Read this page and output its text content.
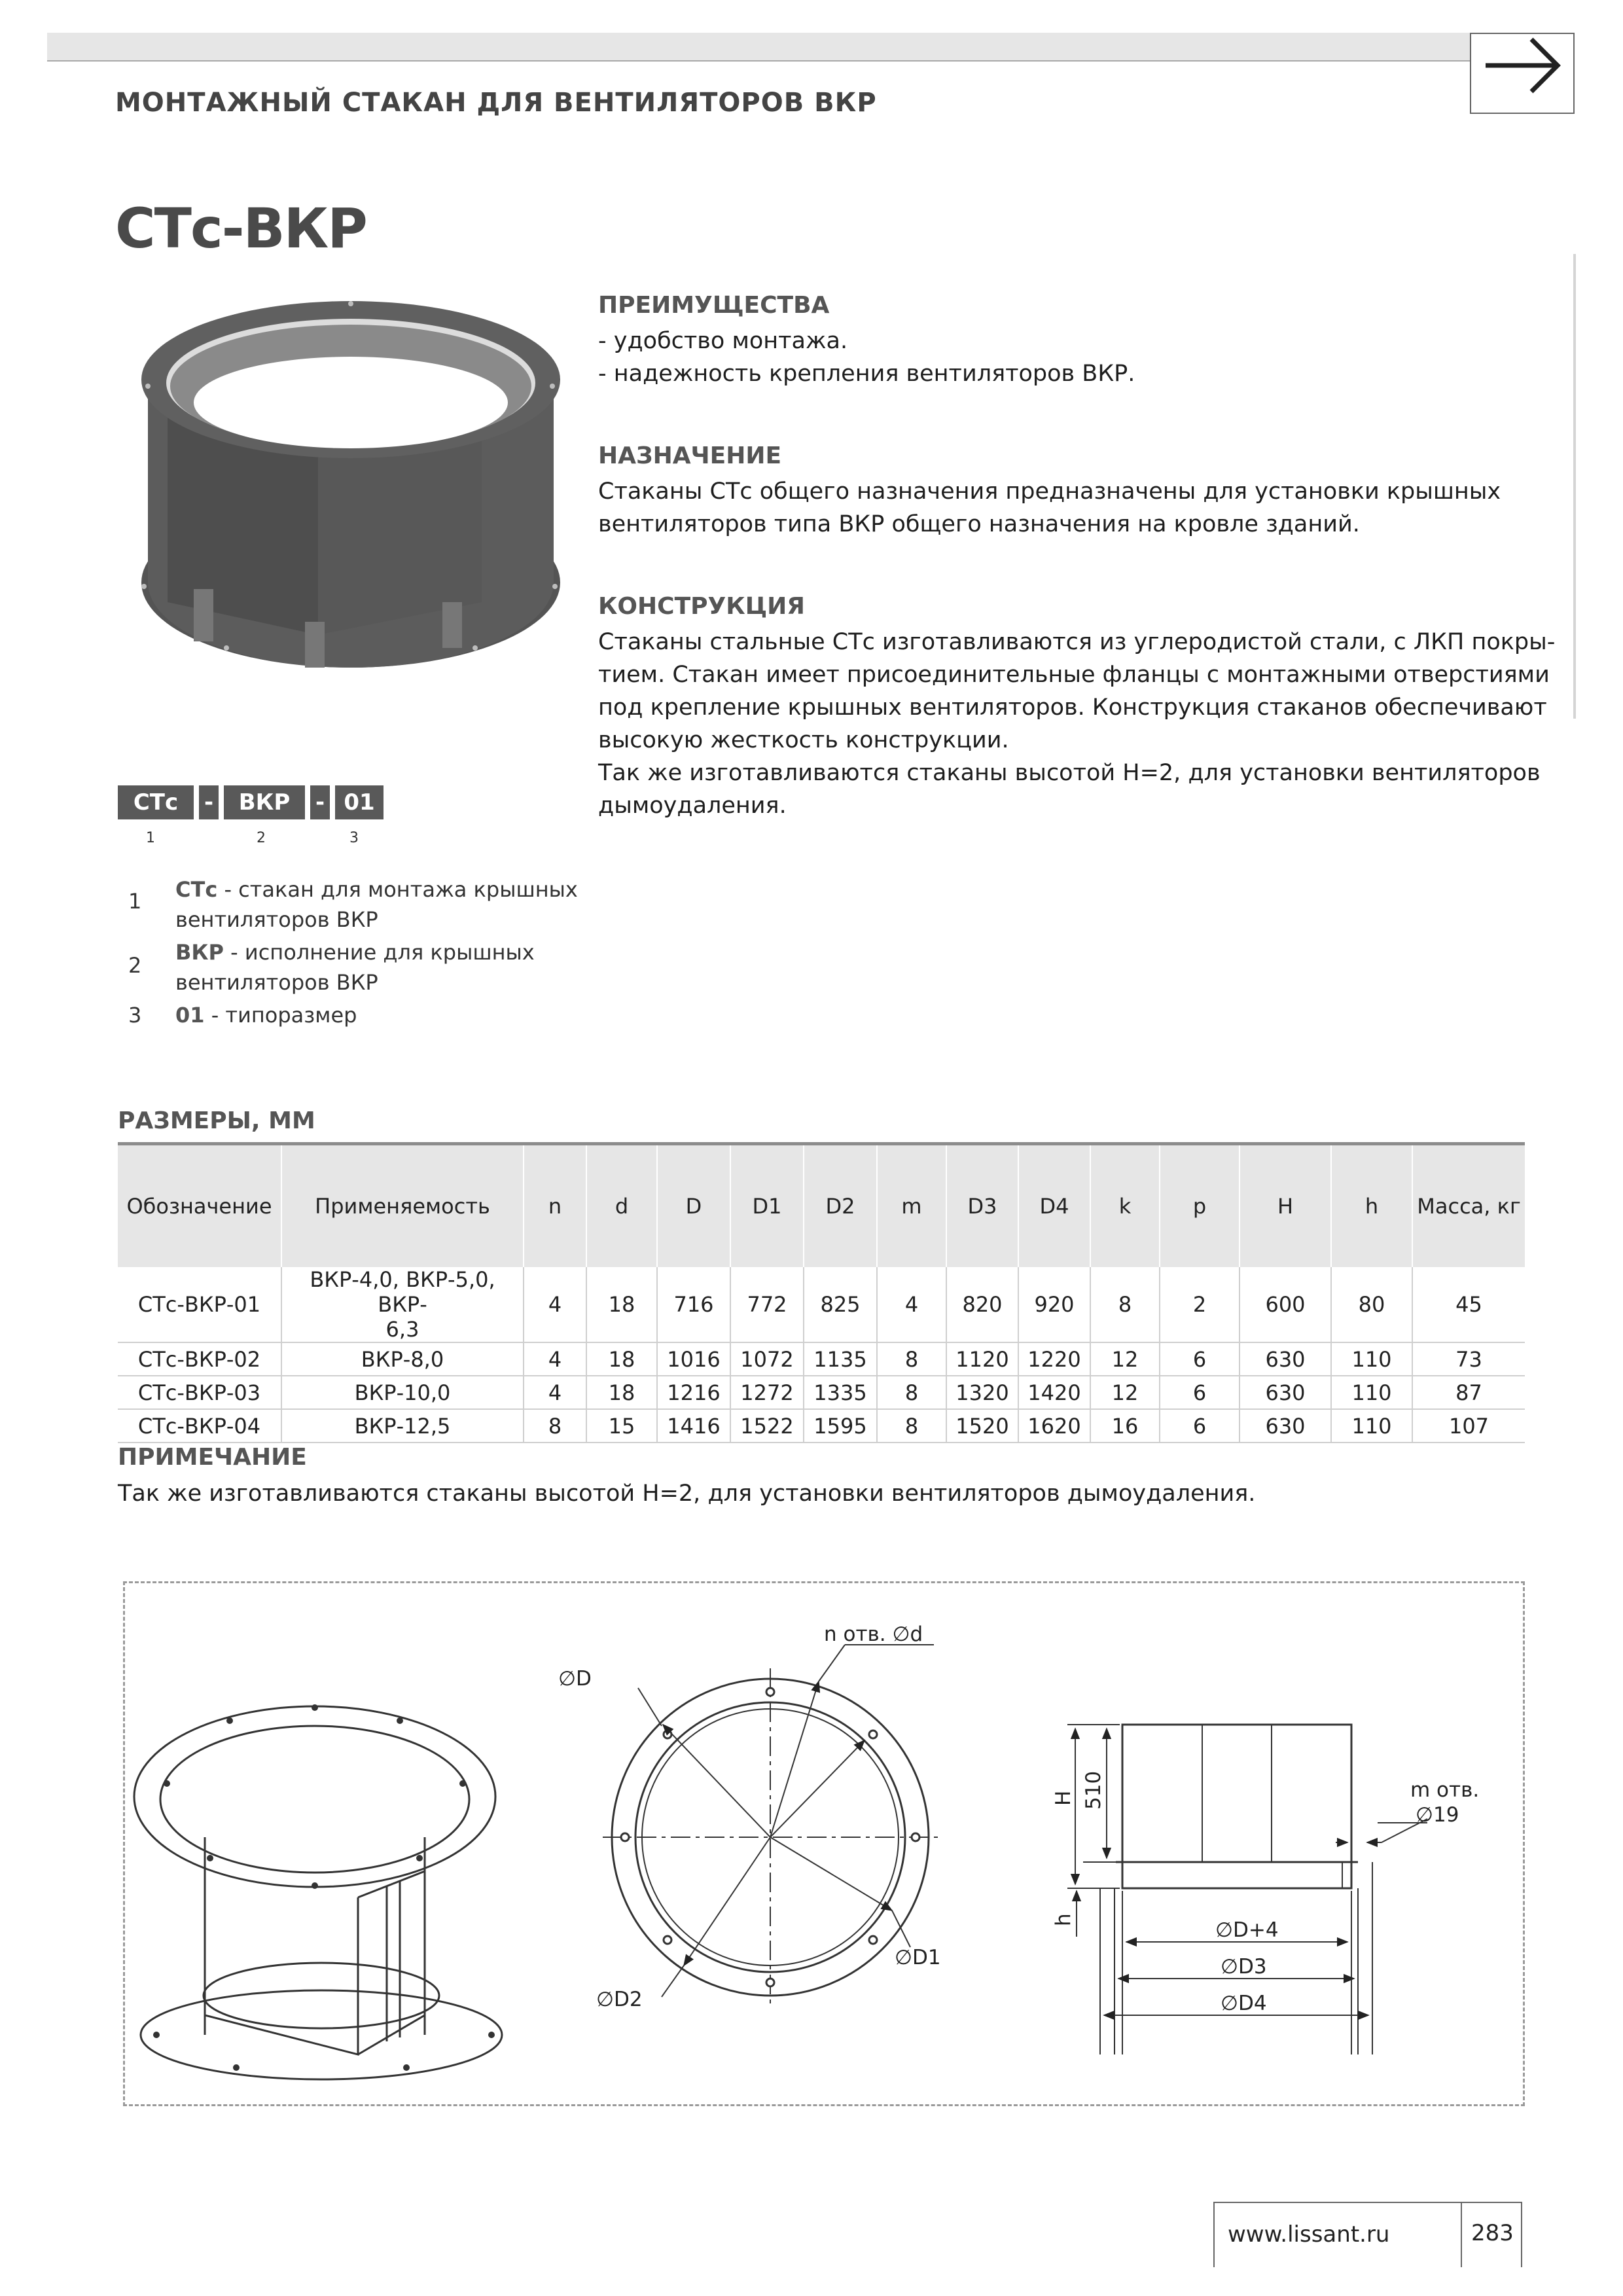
МОНТАЖНЫЙ СТАКАН ДЛЯ ВЕНТИЛЯТОРОВ ВКР
СТс-ВКР
ПРЕИМУЩЕСТВА
- удобство монтажа.
- надежность крепления вентиляторов ВКР.
НАЗНАЧЕНИЕ
Стаканы СТс общего назначения предназначены для установки крышных
вентиляторов типа ВКР общего назначения на кровле зданий.
КОНСТРУКЦИЯ
Стаканы стальные СТс изготавливаются из углеродистой стали, с ЛКП покры-
тием. Стакан имеет присоединительные фланцы с монтажными отверстиями
под крепление крышных вентиляторов. Конструкция стаканов обеспечивают
высокую жесткость конструкции.
Так же изготавливаются стаканы высотой Н=2, для установки вентиляторов
дымоудаления.
СТс	-	ВКР	- 01
1	2	3
1 СТс - стакан для монтажа крышных
вентиляторов ВКР
2
ВКР - исполнение для крышных
вентиляторов ВКР
3 01 - типоразмер
РАЗМЕРЫ, ММ
Обозначение	Применяемость	n	d	D	D1	D2	m	D3	D4	k	p	H	h	Масса, кг
СТс-ВКР-01	ВКР-4,0, ВКР-5,0, ВКР-
6,3	4	18	716	772	825	4	820	920	8	2	600	80	45
СТс-ВКР-02	ВКР-8,0	4	18	1016	1072	1135	8	1120	1220	12	6	630	110	73
СТс-ВКР-03	ВКР-10,0	4	18	1216	1272	1335	8	1320	1420	12	6	630	110	87
СТс-ВКР-04	ВКР-12,5	8	15	1416	1522	1595	8	1520	1620	16	6	630	110	107
ПРИМЕЧАНИЕ
Так же изготавливаются стаканы высотой Н=2, для установки вентиляторов дымоудаления.
n отв. ∅d
∅D
∅D1
∅D2
H 510
h
m отв.
∅19
∅D+4
∅D3
∅D4
www.lissant.ru	283
